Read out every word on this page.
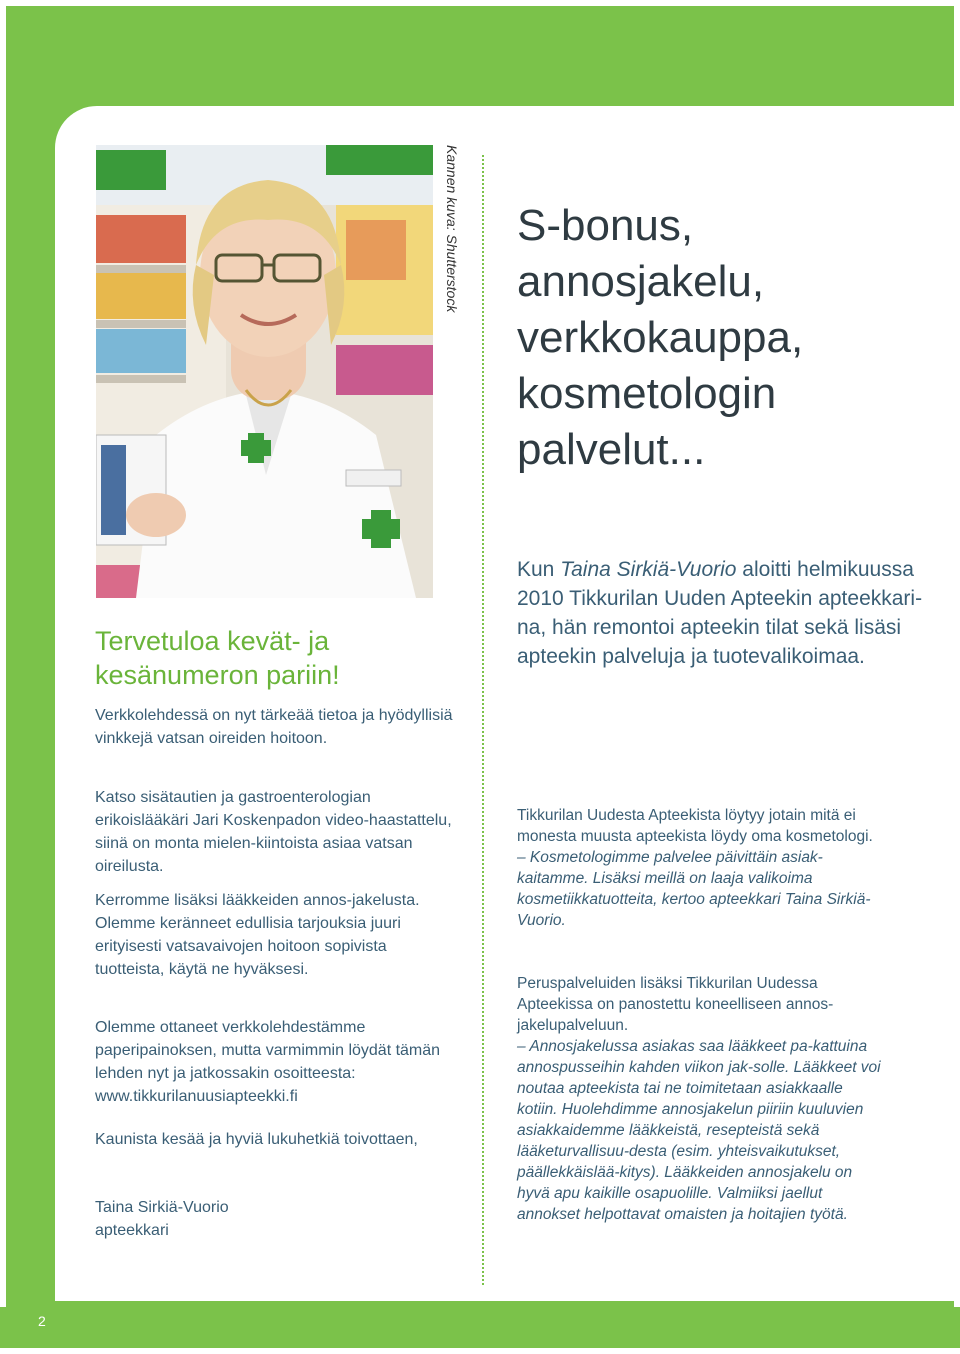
Kannen kuva: Shutterstock S-bonus,
annosjakelu,
verkkokauppa,
kosmetologin
palvelut...

Kun Taina Sirkiä-Vuorio aloitti helmikuussa 2010 Tikkurilan Uuden Apteekin apteekkari-na, hän remontoi apteekin tilat sekä lisäsi apteekin palveluja ja tuotevalikoimaa.

Tervetuloa kevät- ja
kesänumeron pariin!

Verkkolehdessä on nyt tärkeää tietoa ja hyödyllisiä vinkkejä vatsan oireiden hoitoon.

Katso sisätautien ja gastroenterologian erikoislääkäri Jari Koskenpadon video-haastattelu, siinä on monta mielen-kiintoista asiaa vatsan oireilusta.

Kerromme lisäksi lääkkeiden annos-jakelusta. Olemme keränneet edullisia tarjouksia juuri erityisesti vatsavaivojen hoitoon sopivista tuotteista, käytä ne hyväksesi.

Olemme ottaneet verkkolehdestämme paperipainoksen, mutta varmimmin löydät tämän lehden nyt ja jatkossakin osoitteesta: www.tikkurilanuusiapteekki.fi

Kaunista kesää ja hyviä lukuhetkiä toivottaen,

Taina Sirkiä-Vuorio
apteekkari

Tikkurilan Uudesta Apteekista löytyy jotain mitä ei monesta muusta apteekista löydy oma kosmetologi.
– Kosmetologimme palvelee päivittäin asiak-kaitamme. Lisäksi meillä on laaja valikoima kosmetiikkatuotteita, kertoo apteekkari Taina Sirkiä-Vuorio.

Peruspalveluiden lisäksi Tikkurilan Uudessa Apteekissa on panostettu koneelliseen annos-jakelupalveluun.
– Annosjakelussa asiakas saa lääkkeet pa-kattuina annospusseihin kahden viikon jak-solle. Lääkkeet voi noutaa apteekista tai ne toimitetaan asiakkaalle kotiin. Huolehdimme annosjakelun piiriin kuuluvien asiakkaidemme lääkkeistä, resepteistä sekä lääketurvallisuu-desta (esim. yhteisvaikutukset, päällekkäislää-kitys). Lääkkeiden annosjakelu on hyvä apu kaikille osapuolille. Valmiiksi jaellut annokset helpottavat omaisten ja hoitajien työtä.

2
